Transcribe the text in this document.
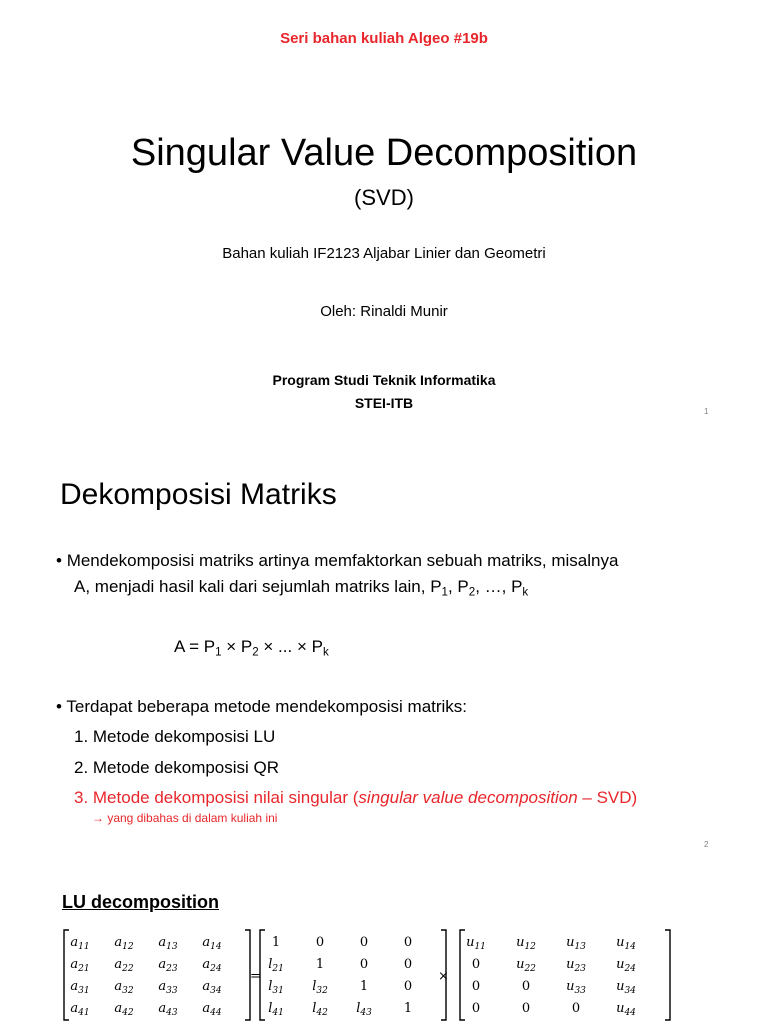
Seri bahan kuliah Algeo #19b
Singular Value Decomposition
(SVD)
Bahan kuliah IF2123 Aljabar Linier dan Geometri
Oleh: Rinaldi Munir
Program Studi Teknik Informatika
STEI-ITB
1
Dekomposisi Matriks
• Mendekomposisi matriks artinya memfaktorkan sebuah matriks, misalnya
A, menjadi hasil kali dari sejumlah matriks lain, $P_1$, $P_2$, …, $P_k$
$A = P_1 \times P_2$ × ... × $P_k$
• Terdapat beberapa metode mendekomposisi matriks:
1. Metode dekomposisi LU
2. Metode dekomposisi QR
3. Metode dekomposisi nilai singular (singular value decomposition – SVD)
→ yang dibahas di dalam kuliah ini
2
LU decomposition
$a_{11}$ $a_{12}$ $a_{13}$ $a_{14}$
$a_{21}$ $a_{22}$ $a_{23}$ $a_{24}$
$a_{31}$ $a_{32}$ $a_{33}$ $a_{34}$
$a_{41}$ $a_{42}$ $a_{43}$ $a_{44}$
=
1	0	0	0
$l_{21}$ 1	0	0
$l_{31}$ $l_{32}$ 1	0
$l_{41}$ $l_{42}$ $l_{43}$ 1
×
$u_{11}$ $u_{12}$ $u_{13}$ $u_{14}$
0	$u_{22}$ $u_{23}$ $u_{24}$
0	0	$u_{33}$ $u_{34}$
0	0	0	$u_{44}$
